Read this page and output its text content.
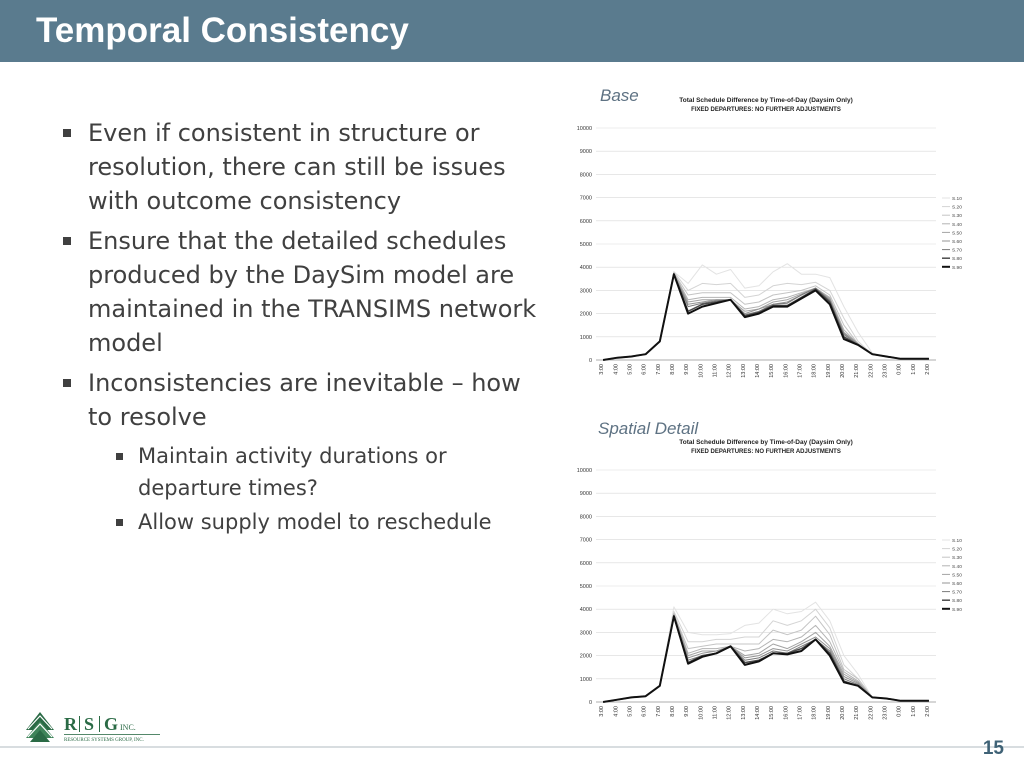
Temporal Consistency
Even if consistent in structure or resolution, there can still be issues with outcome consistency
Ensure that the detailed schedules produced by the DaySim model are maintained in the TRANSIMS network model
Inconsistencies are inevitable – how to resolve
Maintain activity durations or departure times?
Allow supply model to reschedule
Base	Total Schedule Difference by Time-of-Day (Daysim Only)
FIXED DEPARTURES: NO FURTHER ADJUSTMENTS
0
1000
2000
3000
4000
5000
6000
7000
8000
9000
10000
3:00 4:00 5:00 6:00 7:00 8:00 9:00 10:00 11:00 12:00 13:00 14:00 15:00 16:00 17:00 18:00 19:00 20:00 21:00 22:00 23:00 0:00 1:00 2:00
S.10
S.20
S.30
S.40
S.50
S.60
S.70
S.80
S.90
Spatial Detail
Total Schedule Difference by Time-of-Day (Daysim Only)
FIXED DEPARTURES: NO FURTHER ADJUSTMENTS
0
1000
2000
3000
4000
5000
6000
7000
8000
9000
10000
3:00 4:00 5:00 6:00 7:00 8:00 9:00 10:00 11:00 12:00 13:00 14:00 15:00 16:00 17:00 18:00 19:00 20:00 21:00 22:00 23:00 0:00 1:00 2:00
S.10
S.20
S.30
S.40
S.50
S.60
S.70
S.80
S.90
R S G INC.
RESOURCE SYSTEMS GROUP, INC.	15
